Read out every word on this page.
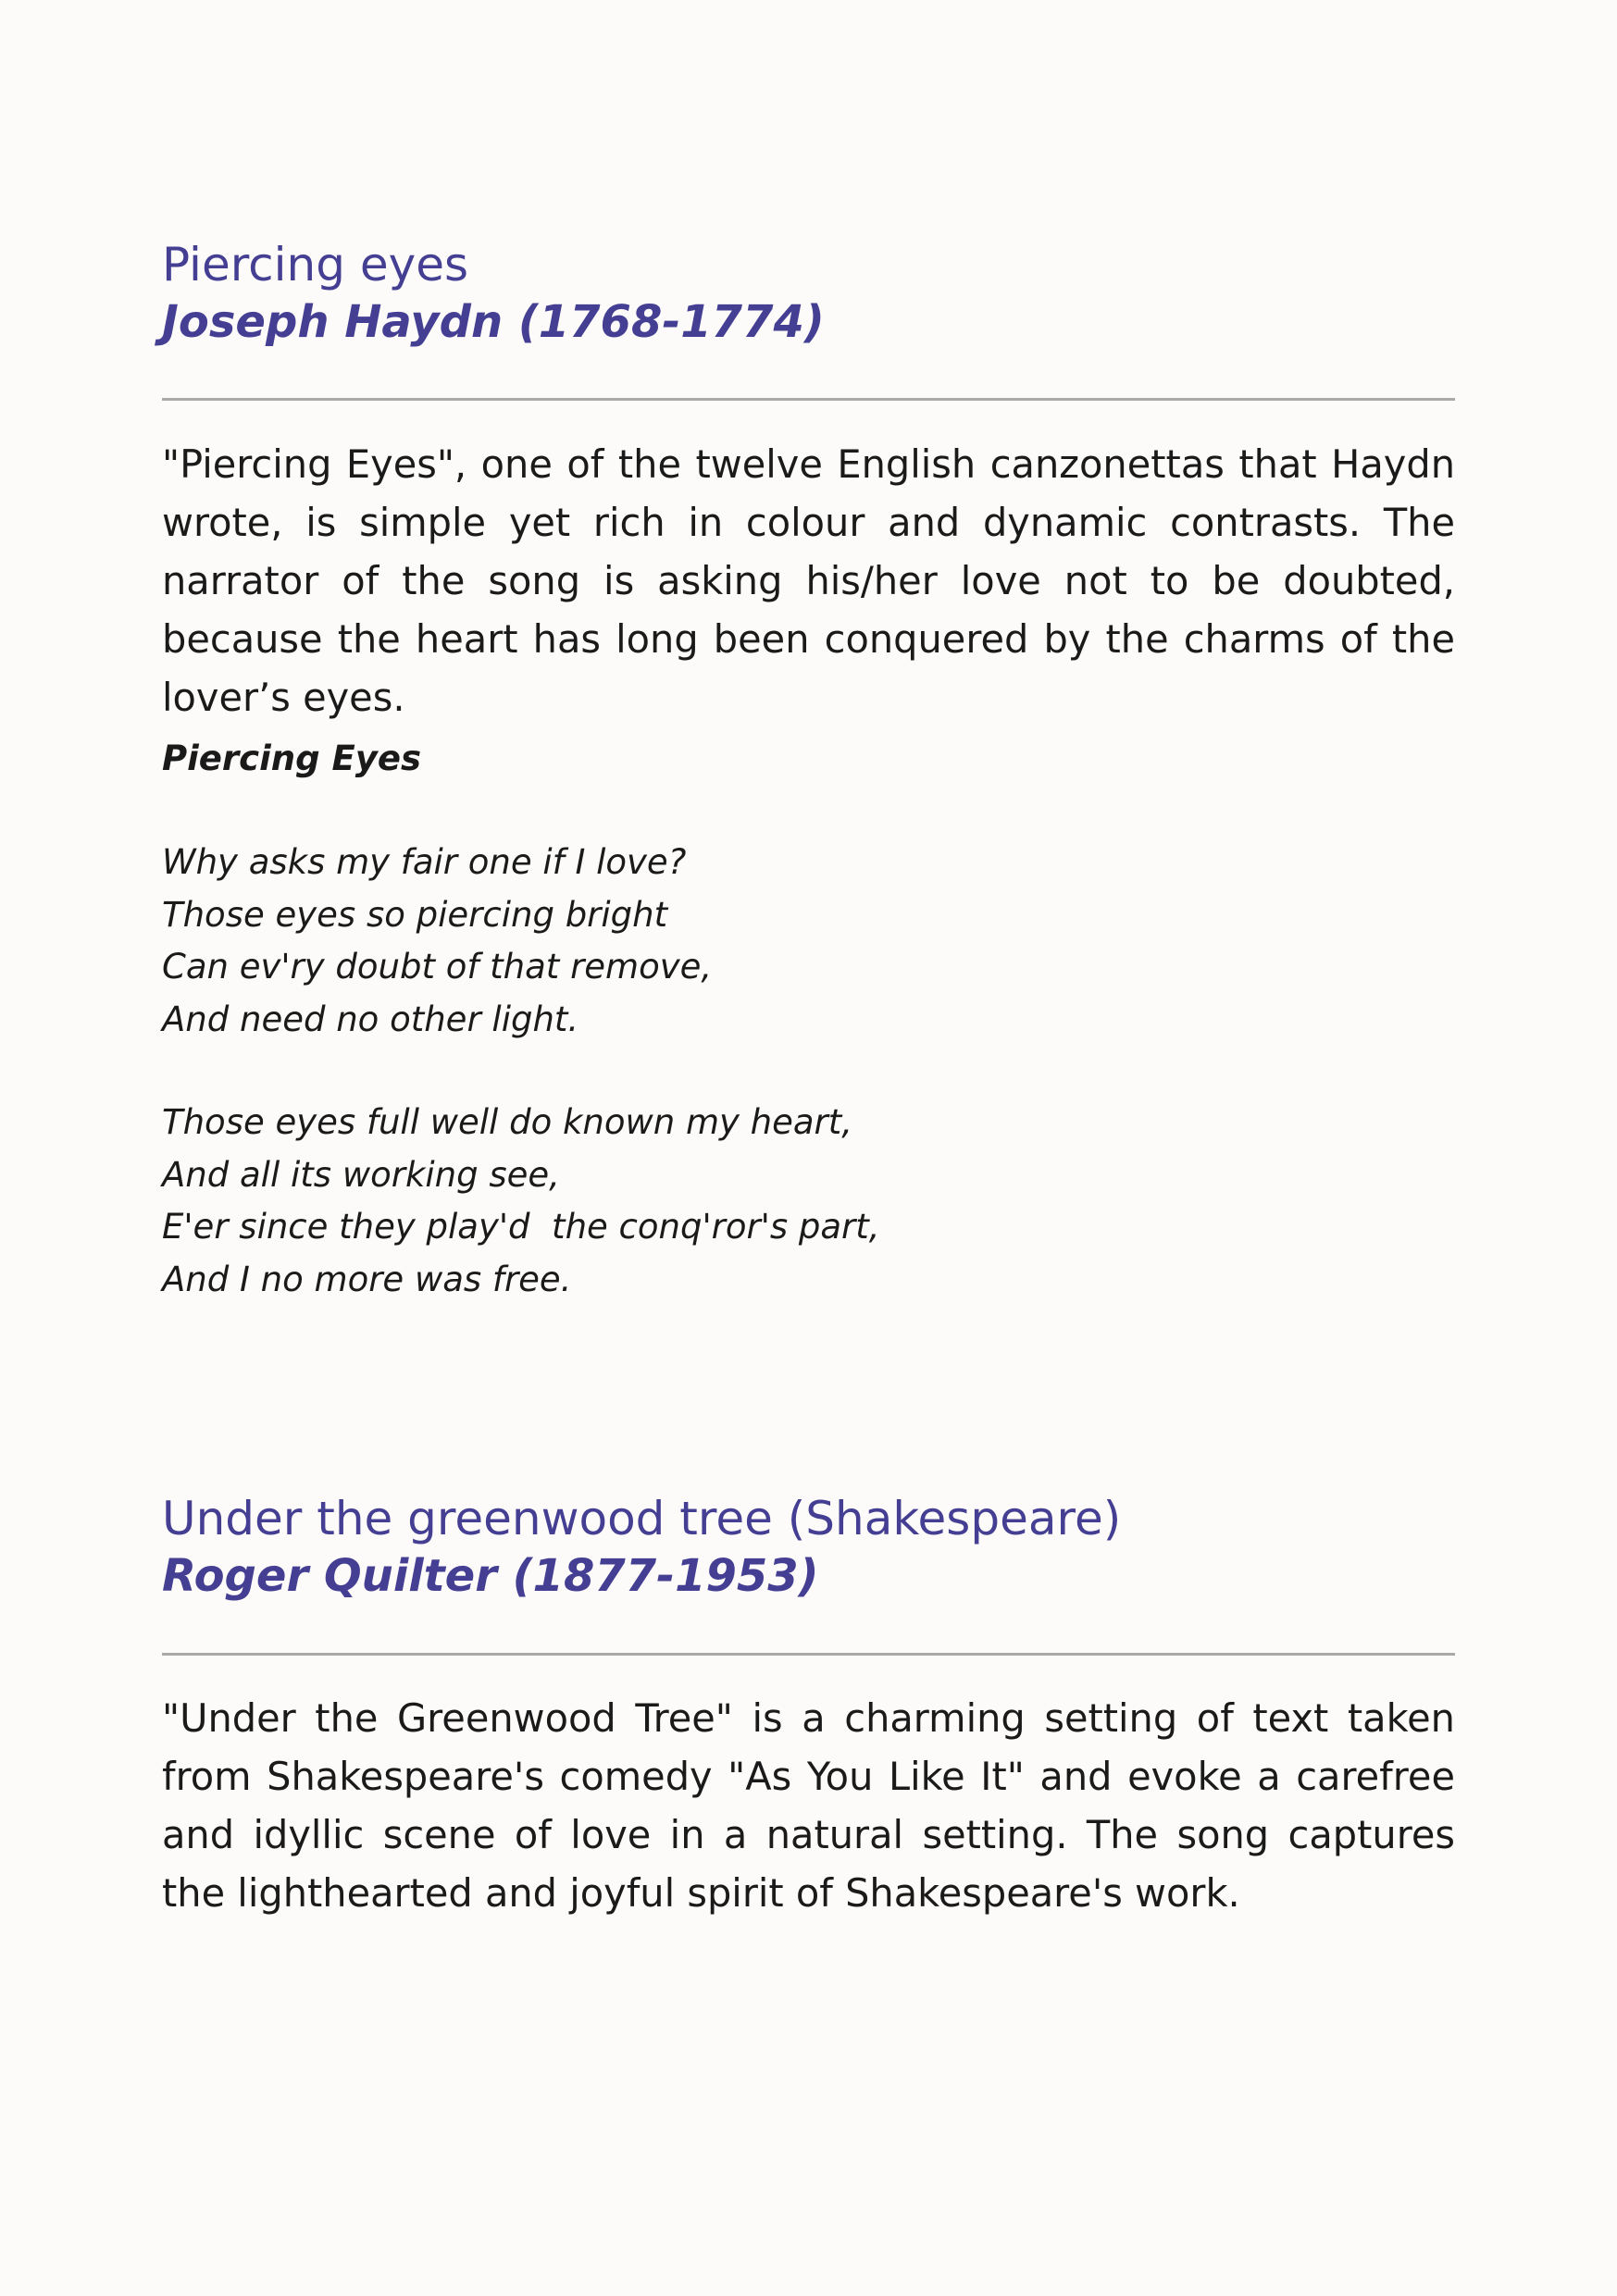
Piercing eyes
Joseph Haydn (1768-1774)

"Piercing Eyes", one of the twelve English canzonettas that Haydn wrote, is simple yet rich in colour and dynamic contrasts. The narrator of the song is asking his/her love not to be doubted, because the heart has long been conquered by the charms of the lover’s eyes.

Piercing Eyes

Why asks my fair one if I love?
Those eyes so piercing bright
Can ev'ry doubt of that remove,
And need no other light.
Those eyes full well do known my heart,
And all its working see,
E'er since they play'd  the conq'ror's part,
And I no more was free.
Under the greenwood tree (Shakespeare)
Roger Quilter (1877-1953)

"Under the Greenwood Tree" is a charming setting of text taken from Shakespeare's comedy "As You Like It" and evoke a carefree and idyllic scene of love in a natural setting. The song captures the lighthearted and joyful spirit of Shakespeare's work.
